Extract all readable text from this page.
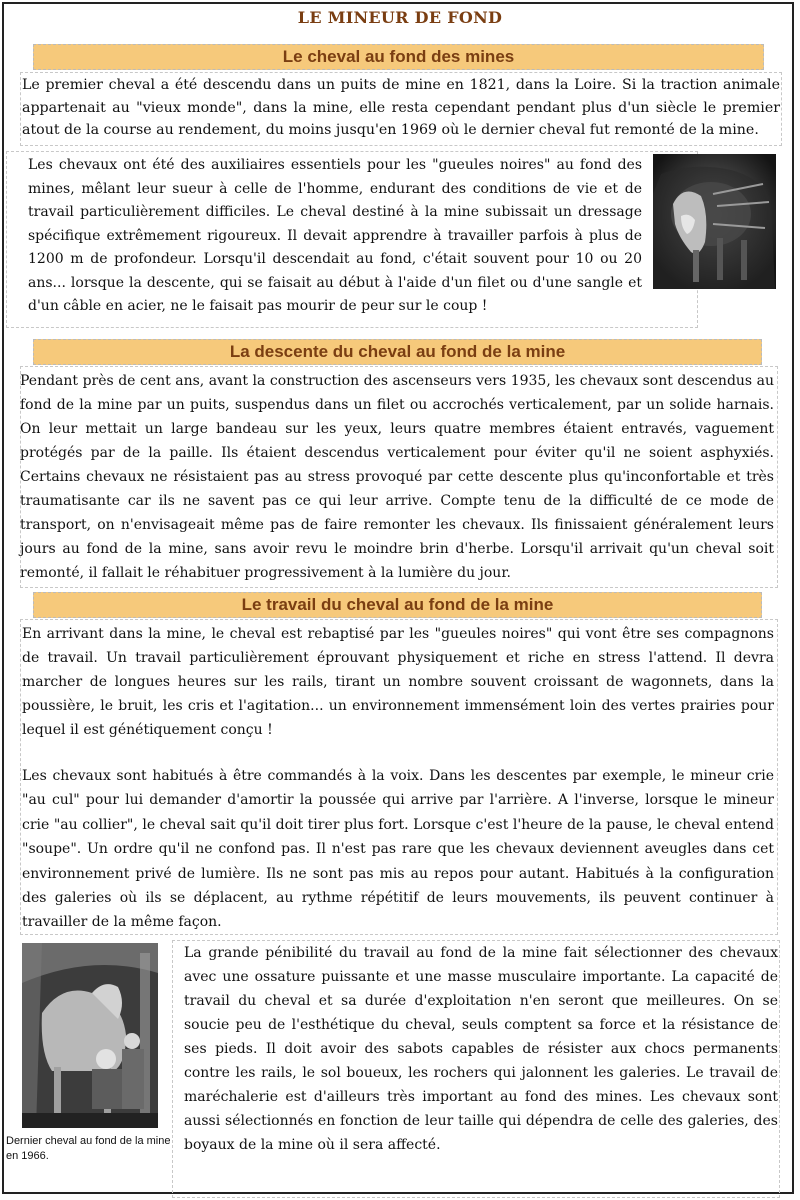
LE MINEUR DE FOND
Le cheval au fond des mines

Le premier cheval a été descendu dans un puits de mine en 1821, dans la Loire. Si la traction animale appartenait au "vieux monde", dans la mine, elle resta cependant pendant plus d'un siècle le premier atout de la course au rendement, du moins jusqu'en 1969 où le dernier cheval fut remonté de la mine.

Les chevaux ont été des auxiliaires essentiels pour les "gueules noires" au fond des mines, mêlant leur sueur à celle de l'homme, endurant des conditions de vie et de travail particulièrement difficiles. Le cheval destiné à la mine subissait un dressage spécifique extrêmement rigoureux. Il devait apprendre à travailler parfois à plus de 1200 m de profondeur. Lorsqu'il descendait au fond, c'était souvent pour 10 ou 20 ans... lorsque la descente, qui se faisait au début à l'aide d'un filet ou d'une sangle et d'un câble en acier, ne le faisait pas mourir de peur sur le coup !

La descente du cheval au fond de la mine

Pendant près de cent ans, avant la construction des ascenseurs vers 1935, les chevaux sont descendus au fond de la mine par un puits, suspendus dans un filet ou accrochés verticalement, par un solide harnais. On leur mettait un large bandeau sur les yeux, leurs quatre membres étaient entravés, vaguement protégés par de la paille. Ils étaient descendus verticalement pour éviter qu'il ne soient asphyxiés. Certains chevaux ne résistaient pas au stress provoqué par cette descente plus qu'inconfortable et très traumatisante car ils ne savent pas ce qui leur arrive. Compte tenu de la difficulté de ce mode de transport, on n'envisageait même pas de faire remonter les chevaux. Ils finissaient généralement leurs jours au fond de la mine, sans avoir revu le moindre brin d'herbe. Lorsqu'il arrivait qu'un cheval soit remonté, il fallait le réhabituer progressivement à la lumière du jour.

Le travail du cheval au fond de la mine

En arrivant dans la mine, le cheval est rebaptisé par les "gueules noires" qui vont être ses compagnons de travail. Un travail particulièrement éprouvant physiquement et riche en stress l'attend. Il devra marcher de longues heures sur les rails, tirant un nombre souvent croissant de wagonnets, dans la poussière, le bruit, les cris et l'agitation... un environnement immensément loin des vertes prairies pour lequel il est génétiquement conçu !

Les chevaux sont habitués à être commandés à la voix. Dans les descentes par exemple, le mineur crie "au cul" pour lui demander d'amortir la poussée qui arrive par l'arrière. A l'inverse, lorsque le mineur crie "au collier", le cheval sait qu'il doit tirer plus fort. Lorsque c'est l'heure de la pause, le cheval entend "soupe". Un ordre qu'il ne confond pas. Il n'est pas rare que les chevaux deviennent aveugles dans cet environnement privé de lumière. Ils ne sont pas mis au repos pour autant. Habitués à la configuration des galeries où ils se déplacent, au rythme répétitif de leurs mouvements, ils peuvent continuer à travailler de la même façon.

Dernier cheval au fond de la mine en 1966.

La grande pénibilité du travail au fond de la mine fait sélectionner des chevaux avec une ossature puissante et une masse musculaire importante. La capacité de travail du cheval et sa durée d'exploitation n'en seront que meilleures. On se soucie peu de l'esthétique du cheval, seuls comptent sa force et la résistance de ses pieds. Il doit avoir des sabots capables de résister aux chocs permanents contre les rails, le sol boueux, les rochers qui jalonnent les galeries. Le travail de maréchalerie est d'ailleurs très important au fond des mines. Les chevaux sont aussi sélectionnés en fonction de leur taille qui dépendra de celle des galeries, des boyaux de la mine où il sera affecté.
